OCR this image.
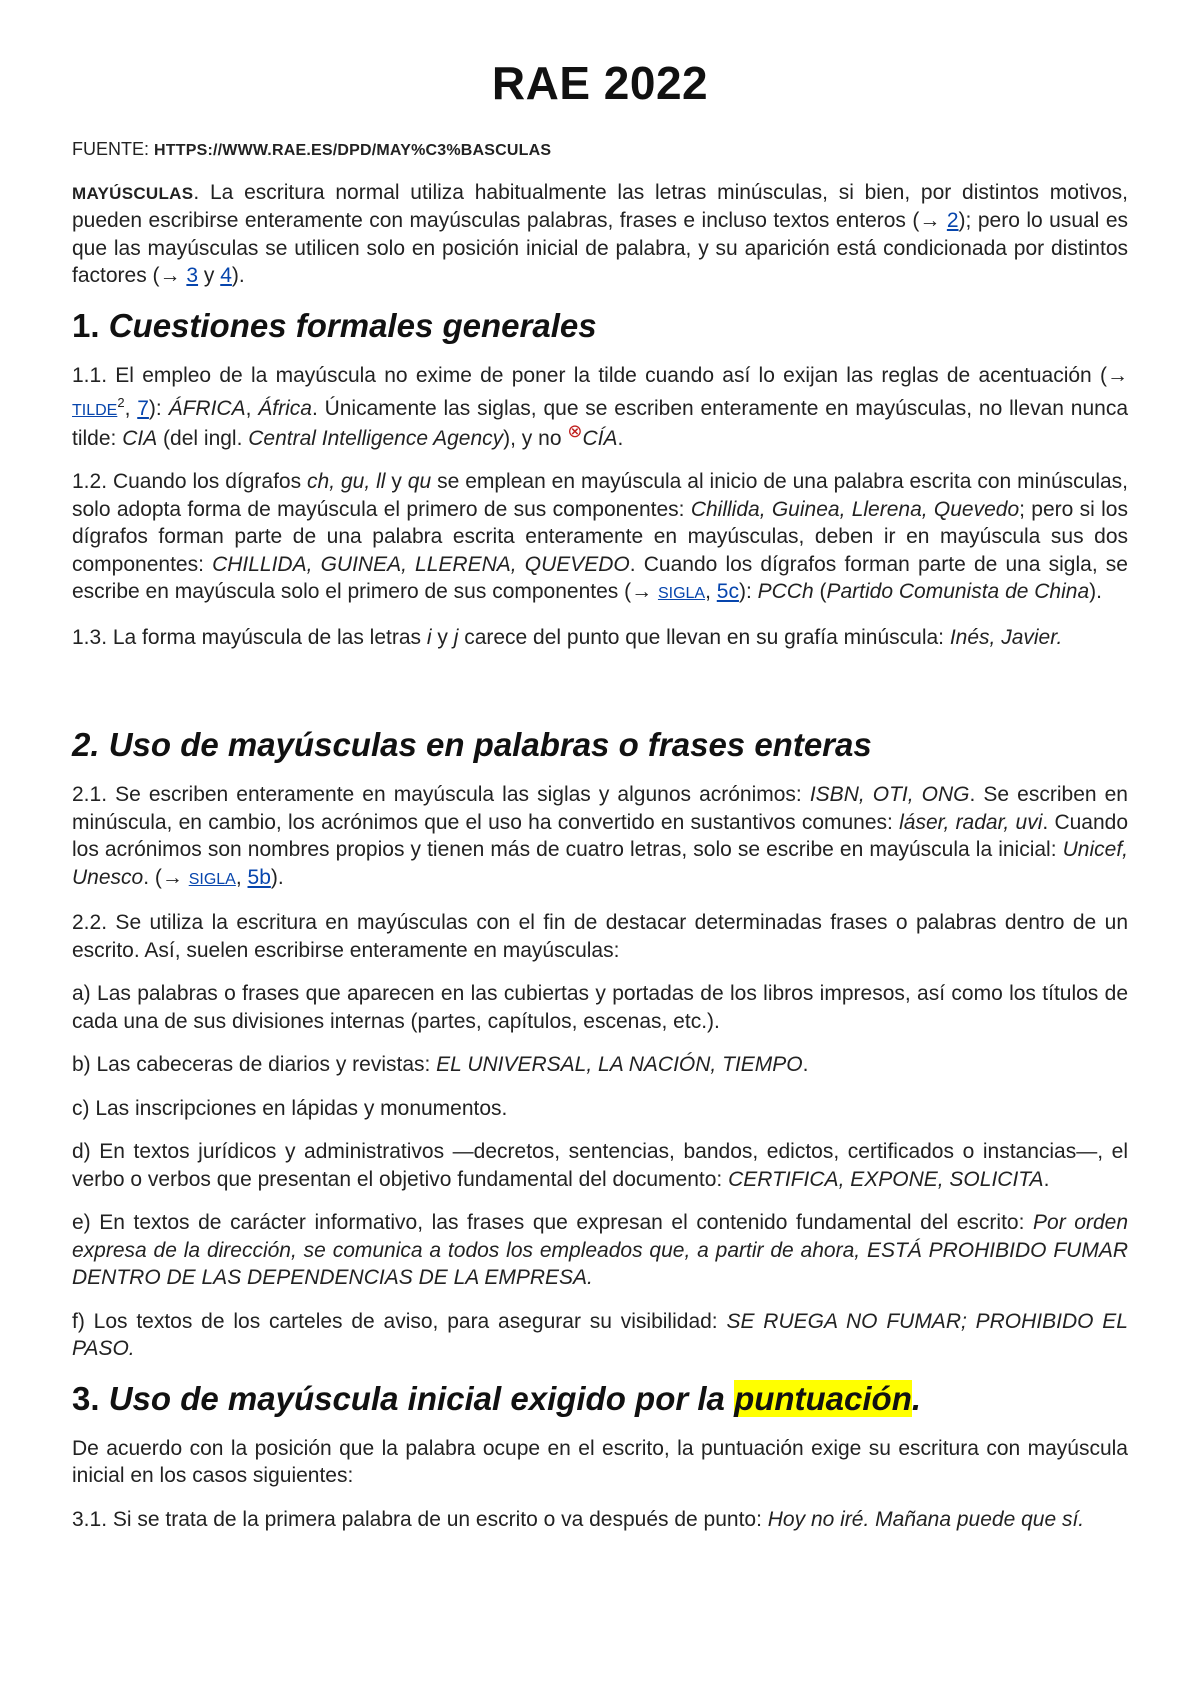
RAE 2022

FUENTE: HTTPS://WWW.RAE.ES/DPD/MAY%C3%BASCULAS

MAYÚSCULAS. La escritura normal utiliza habitualmente las letras minúsculas, si bien, por distintos motivos, pueden escribirse enteramente con mayúsculas palabras, frases e incluso textos enteros (→ 2); pero lo usual es que las mayúsculas se utilicen solo en posición inicial de palabra, y su aparición está condicionada por distintos factores (→ 3 y 4).

1. Cuestiones formales generales

1.1. El empleo de la mayúscula no exime de poner la tilde cuando así lo exijan las reglas de acentuación (→ $TILDE^2$, 7): ÁFRICA, África. Únicamente las siglas, que se escriben enteramente en mayúsculas, no llevan nunca tilde: CIA (del ingl. Central Intelligence Agency), y no ⊗CÍA.

1.2. Cuando los dígrafos ch, gu, ll y qu se emplean en mayúscula al inicio de una palabra escrita con minúsculas, solo adopta forma de mayúscula el primero de sus componentes: Chillida, Guinea, Llerena, Quevedo; pero si los dígrafos forman parte de una palabra escrita enteramente en mayúsculas, deben ir en mayúscula sus dos componentes: CHILLIDA, GUINEA, LLERENA, QUEVEDO. Cuando los dígrafos forman parte de una sigla, se escribe en mayúscula solo el primero de sus componentes (→ SIGLA, 5c): PCCh (Partido Comunista de China).

1.3. La forma mayúscula de las letras i y j carece del punto que llevan en su grafía minúscula: Inés, Javier.

2. Uso de mayúsculas en palabras o frases enteras

2.1. Se escriben enteramente en mayúscula las siglas y algunos acrónimos: ISBN, OTI, ONG. Se escriben en minúscula, en cambio, los acrónimos que el uso ha convertido en sustantivos comunes: láser, radar, uvi. Cuando los acrónimos son nombres propios y tienen más de cuatro letras, solo se escribe en mayúscula la inicial: Unicef, Unesco. (→ SIGLA, 5b).

2.2. Se utiliza la escritura en mayúsculas con el fin de destacar determinadas frases o palabras dentro de un escrito. Así, suelen escribirse enteramente en mayúsculas:

a) Las palabras o frases que aparecen en las cubiertas y portadas de los libros impresos, así como los títulos de cada una de sus divisiones internas (partes, capítulos, escenas, etc.).

b) Las cabeceras de diarios y revistas: EL UNIVERSAL, LA NACIÓN, TIEMPO.

c) Las inscripciones en lápidas y monumentos.

d) En textos jurídicos y administrativos —decretos, sentencias, bandos, edictos, certificados o instancias—, el verbo o verbos que presentan el objetivo fundamental del documento: CERTIFICA, EXPONE, SOLICITA.

e) En textos de carácter informativo, las frases que expresan el contenido fundamental del escrito: Por orden expresa de la dirección, se comunica a todos los empleados que, a partir de ahora, ESTÁ PROHIBIDO FUMAR DENTRO DE LAS DEPENDENCIAS DE LA EMPRESA.

f) Los textos de los carteles de aviso, para asegurar su visibilidad: SE RUEGA NO FUMAR; PROHIBIDO EL PASO.

3. Uso de mayúscula inicial exigido por la puntuación.

De acuerdo con la posición que la palabra ocupe en el escrito, la puntuación exige su escritura con mayúscula inicial en los casos siguientes:

3.1. Si se trata de la primera palabra de un escrito o va después de punto: Hoy no iré. Mañana puede que sí.
